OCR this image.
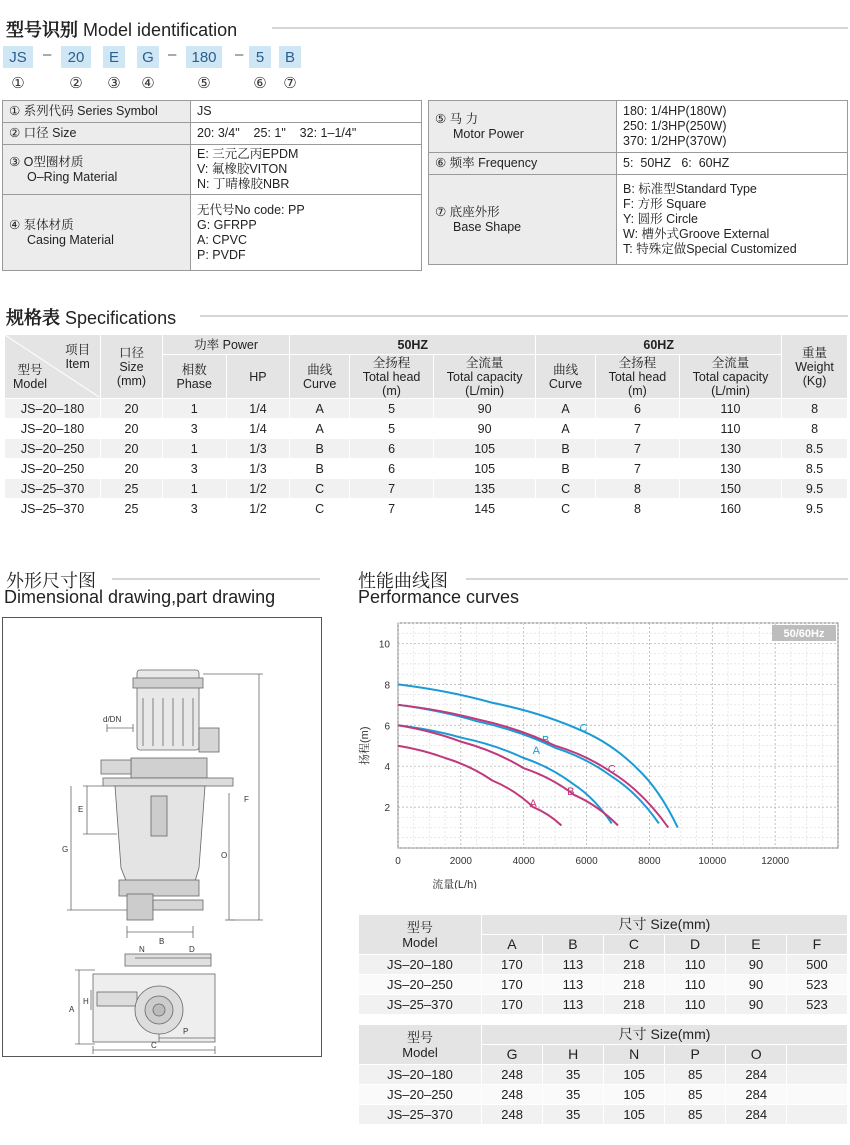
型号识别 Model identification
JS	20	E	G	180	5	B
–	–	–
①	② ③ ④	⑤	⑥ ⑦
① 系列代码 Series Symbol	JS

② 口径 Size	20: 3/4"    25: 1"    32: 1–1/4"

③ O型圈材质
O–Ring Material	E: 三元乙丙EPDM
V: 氟橡胶VITON
N: 丁晴橡胶NBR

④ 泵体材质
Casing Material	无代号No code: PP
G: GFRPP
A: CPVC
P: PVDF
⑤ 马 力
Motor Power	180: 1/4HP(180W)
250: 1/3HP(250W)
370: 1/2HP(370W)

⑥ 频率 Frequency	5:  50HZ   6:  60HZ

⑦ 底座外形
Base Shape	B: 标准型Standard Type
F: 方形 Square
Y: 圆形 Circle
W: 槽外式Groove External
T: 特殊定做Special Customized
规格表 Specifications
项目
Item
型号
Model	口径
Size
(mm)	功率 Power		50HZ			60HZ			重量
Weight
(Kg)

		相数
Phase	HP	曲线
Curve	全扬程
Total head
(m)	全流量
Total capacity
(L/min)	曲线
Curve	全扬程
Total head
(m)	全流量
Total capacity
(L/min)	

JS–20–180	20	1	1/4	A	5	90	A	6	110	8
JS–20–180	20	3	1/4	A	5	90	A	7	110	8
JS–20–250	20	1	1/3	B	6	105	B	7	130	8.5
JS–20–250	20	3	1/3	B	6	105	B	7	130	8.5
JS–25–370	25	1	1/2	C	7	135	C	8	150	9.5
JS–25–370	25	3	1/2	C	7	145	C	8	160	9.5
外形尺寸图
Dimensional drawing,part drawing
d/DN
E
G
F
O
B
N	D
H
A
P
C
性能曲线图
Performance curves
0	2000	4000	6000	8000	10000	12000
2
4
6
8
10
流量(L/h)
扬程(m)
50/60Hz
A
A
B
B
C
C
型号
Model	尺寸 Size(mm)					
	A	B	C	D	E	F
JS–20–180	170	113	218	110	90	500
JS–20–250	170	113	218	110	90	523
JS–25–370	170	113	218	110	90	523
型号
Model	尺寸 Size(mm)					
	G	H	N	P	O	
JS–20–180	248	35	105	85	284	
JS–20–250	248	35	105	85	284	
JS–25–370	248	35	105	85	284	
